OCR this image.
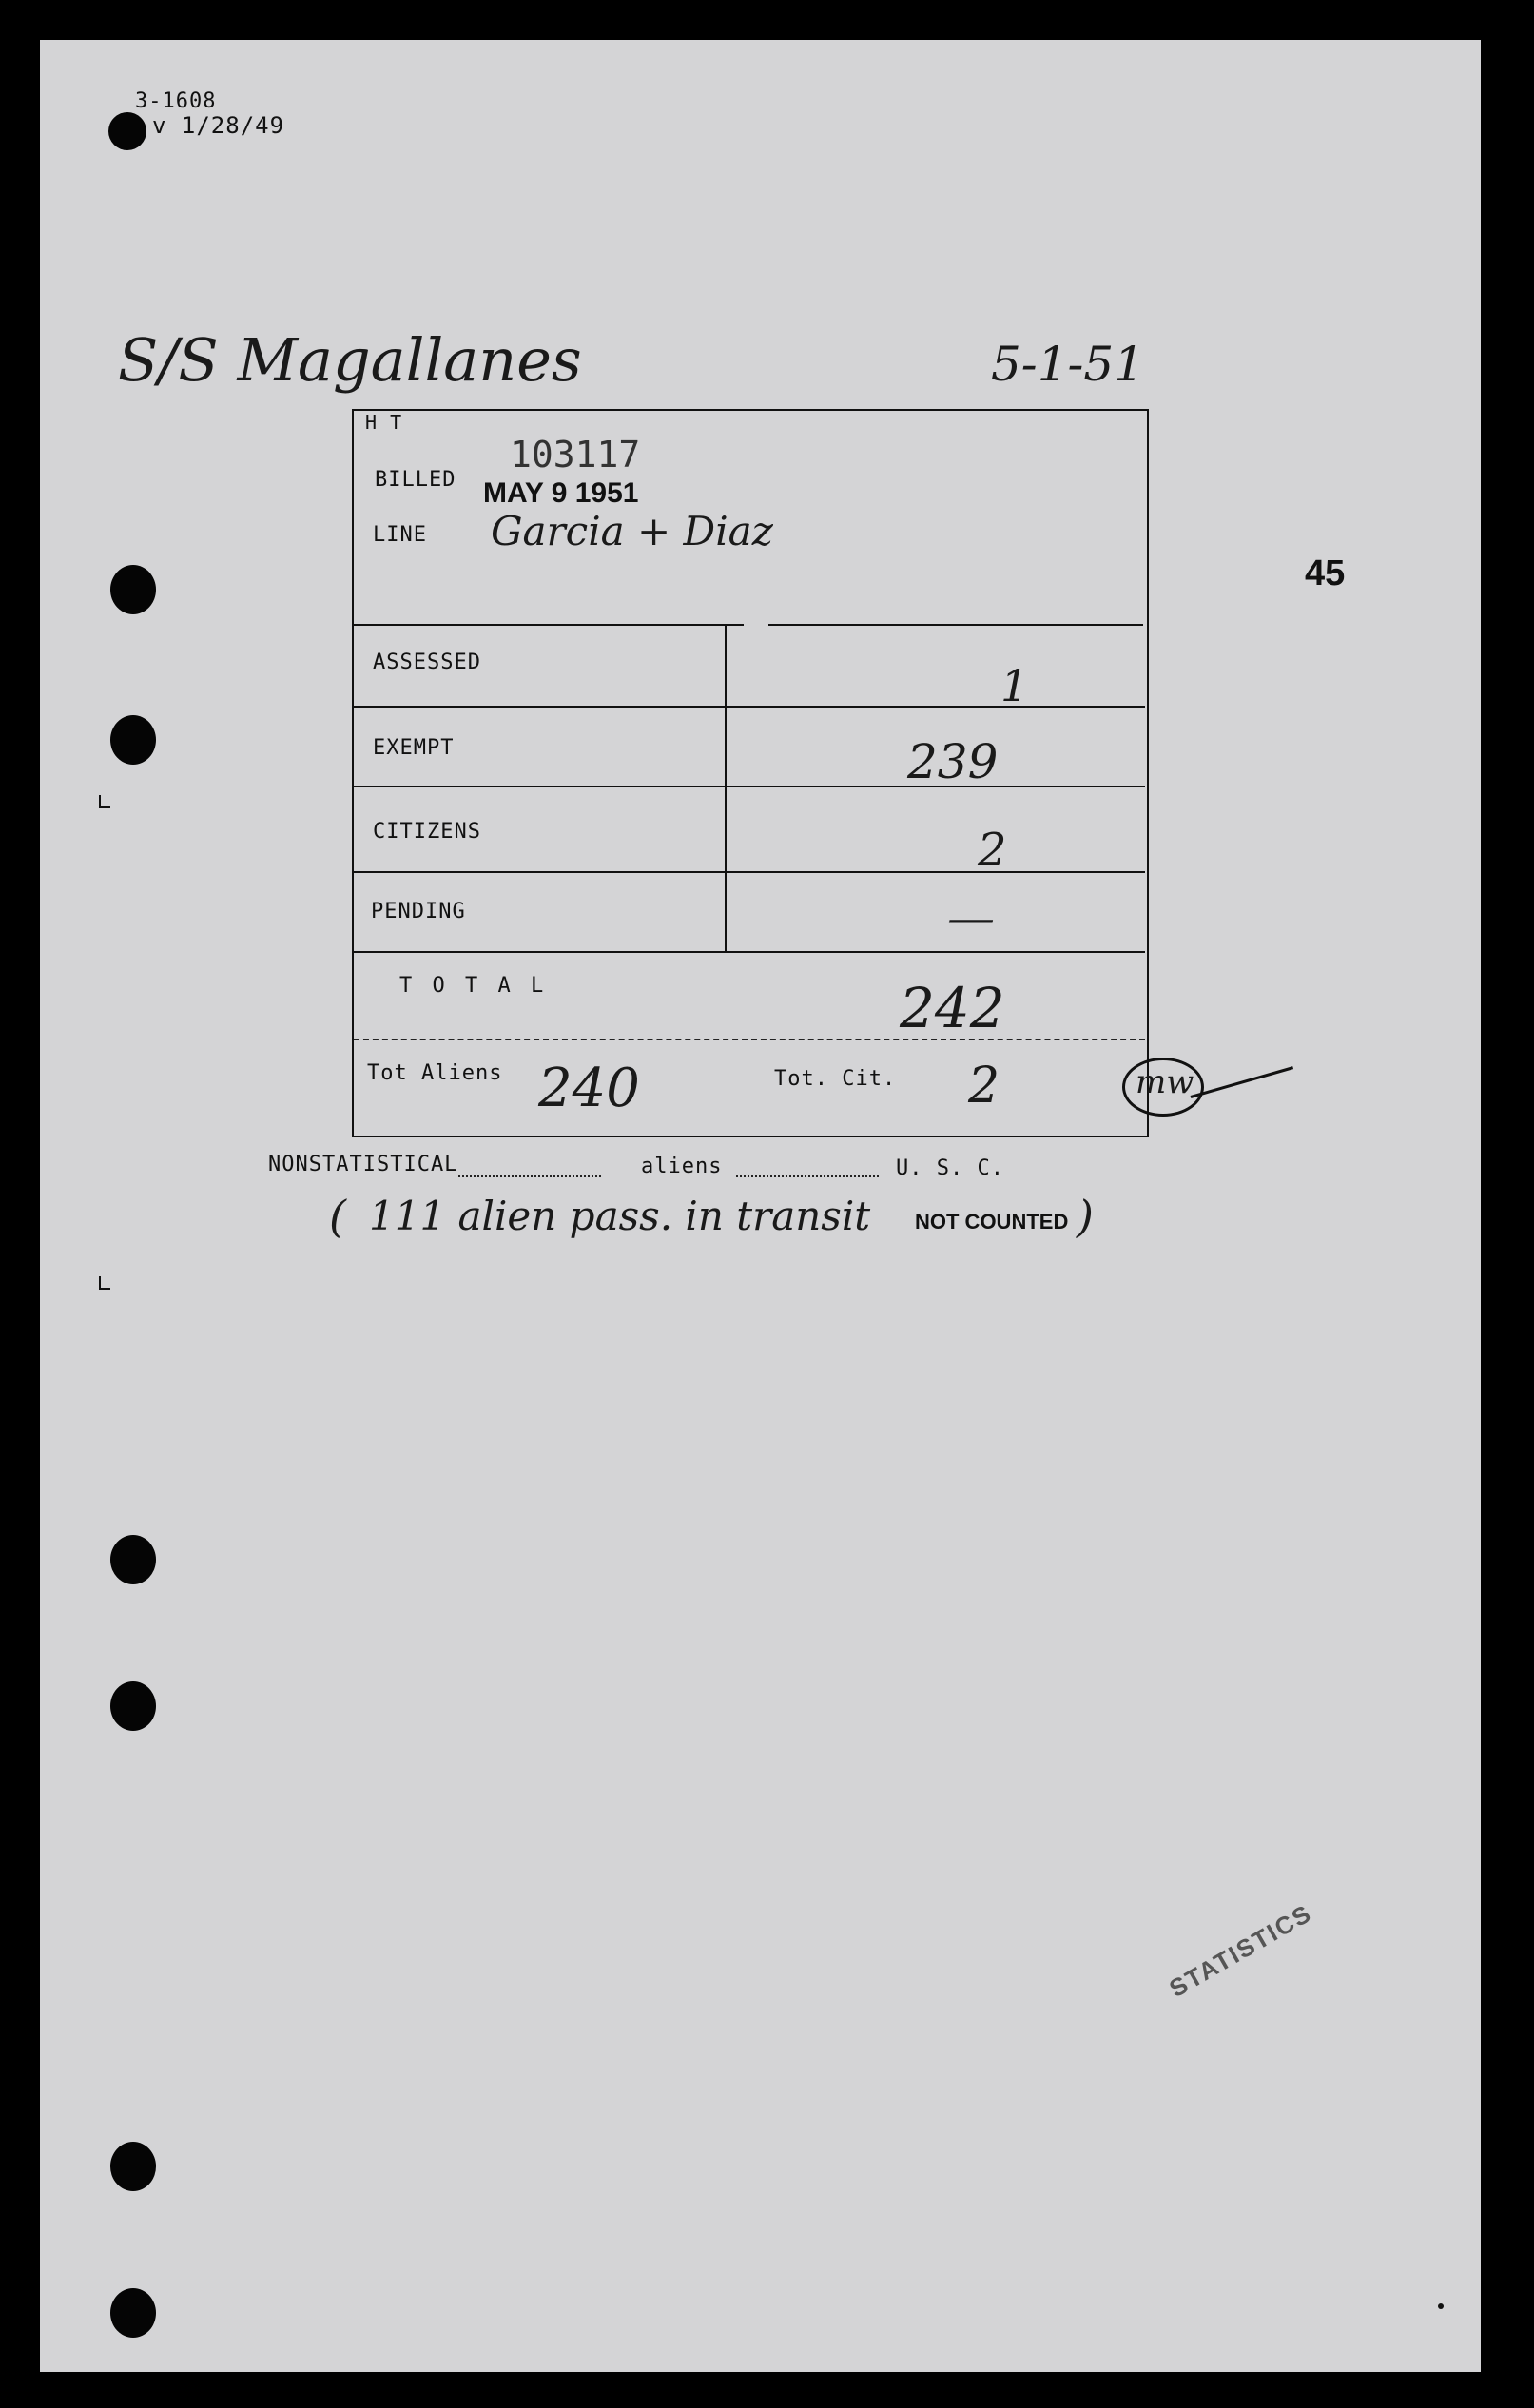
3-1608
v 1/28/49
S/S Magallanes	5-1-51
45
H T
103117
BILLED MAY 9 1951
LINE Garcia + Diaz
ASSESSED	1
EXEMPT	239
CITIZENS	2
PENDING	—
T O T A L	242
Tot Aliens 240	Tot. Cit. 2	mw
NONSTATISTICAL	aliens	U. S. C.
( 111 alien pass. in transit NOT COUNTED )
STATISTICS
